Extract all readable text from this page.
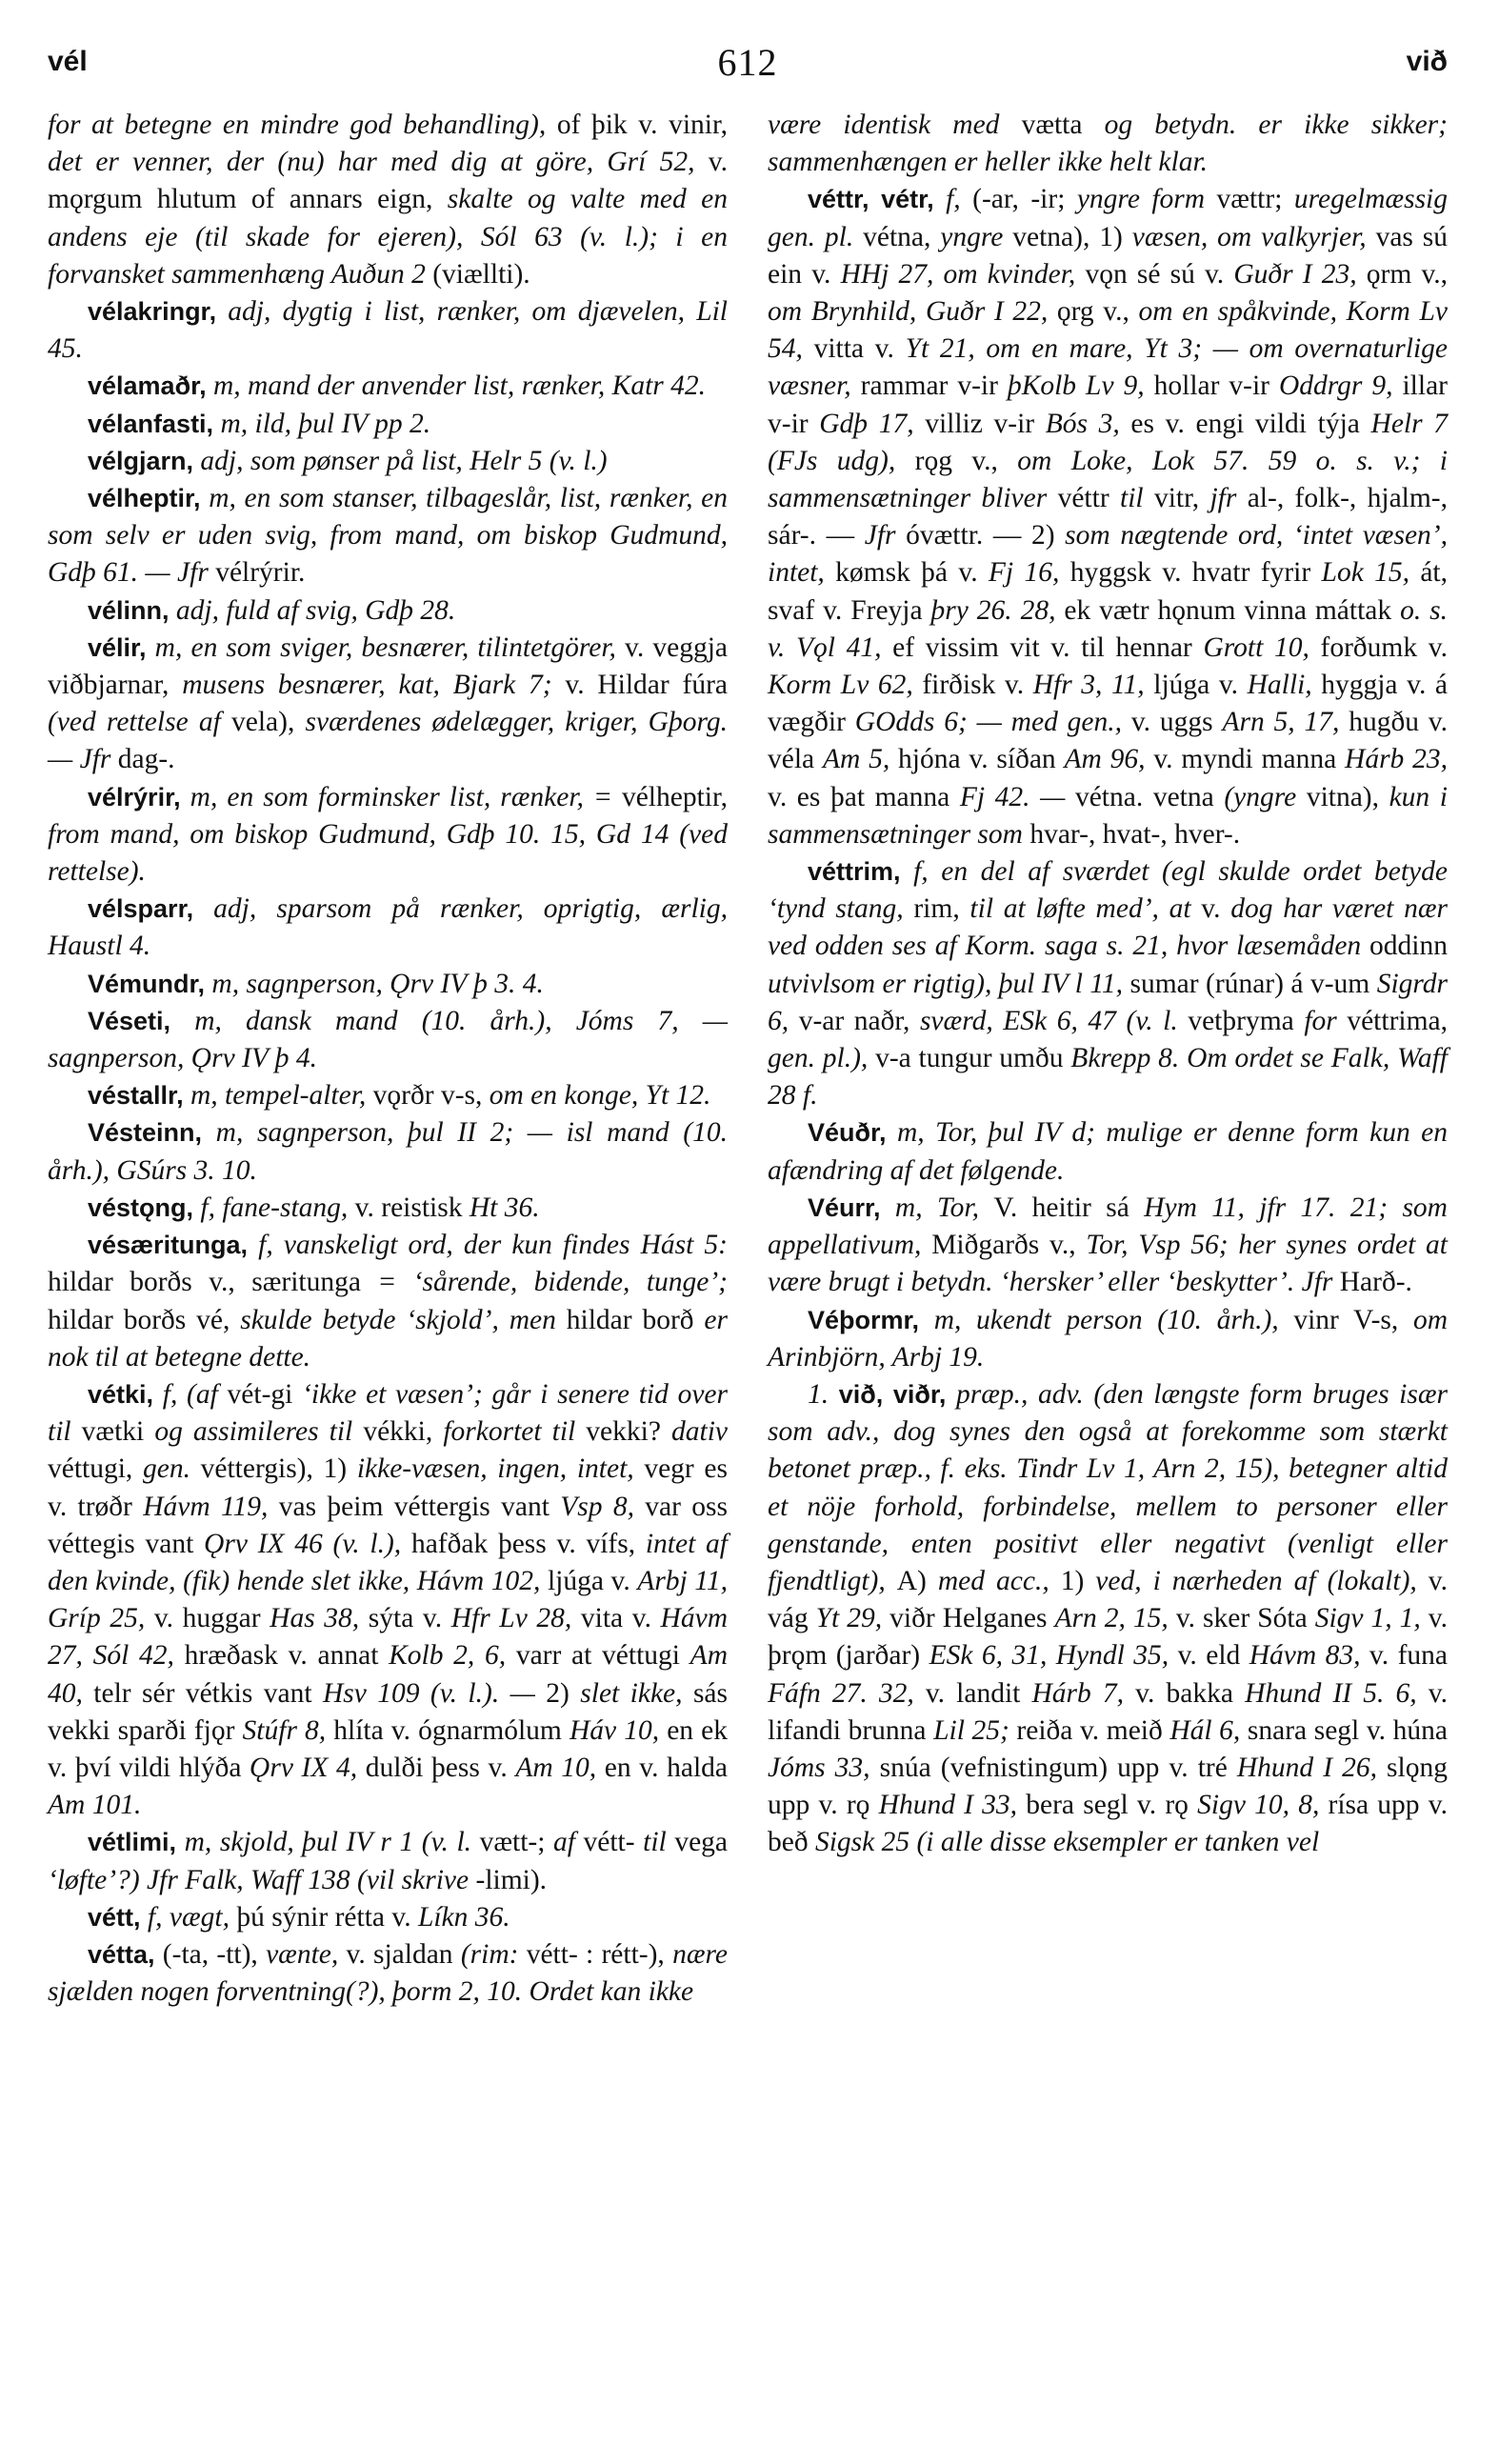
vél	612	við

for at betegne en mindre god behandling), of þik v. vinir, det er venner, der (nu) har med dig at göre, Grí 52, v. mǫrgum hlutum of annars eign, skalte og valte med en andens eje (til skade for ejeren), Sól 63 (v. l.); i en forvansket sammenhæng Auðun 2 (viællti).

vélakringr, adj, dygtig i list, rænker, om djævelen, Lil 45.

vélamaðr, m, mand der anvender list, rænker, Katr 42.

vélanfasti, m, ild, þul IV pp 2.

vélgjarn, adj, som pønser på list, Helr 5 (v. l.)

vélheptir, m, en som stanser, tilbageslår, list, rænker, en som selv er uden svig, from mand, om biskop Gudmund, Gdþ 61. — Jfr vélrýrir.

vélinn, adj, fuld af svig, Gdþ 28.

vélir, m, en som sviger, besnærer, tilintetgörer, v. veggja viðbjarnar, musens besnærer, kat, Bjark 7; v. Hildar fúra (ved rettelse af vela), sværdenes ødelægger, kriger, Gþorg. — Jfr dag-.

vélrýrir, m, en som forminsker list, rænker, = vélheptir, from mand, om biskop Gudmund, Gdþ 10. 15, Gd 14 (ved rettelse).

vélsparr, adj, sparsom på rænker, oprigtig, ærlig, Haustl 4.

Vémundr, m, sagnperson, Ǫrv IV þ 3. 4.

Véseti, m, dansk mand (10. årh.), Jóms 7, — sagnperson, Ǫrv IV þ 4.

véstallr, m, tempel-alter, vǫrðr v-s, om en konge, Yt 12.

Vésteinn, m, sagnperson, þul II 2; — isl mand (10. årh.), GSúrs 3. 10.

véstǫng, f, fane-stang, v. reistisk Ht 36.

vésæritunga, f, vanskeligt ord, der kun findes Hást 5: hildar borðs v., særitunga = ‘sårende, bidende, tunge’; hildar borðs vé, skulde betyde ‘skjold’, men hildar borð er nok til at betegne dette.

vétki, f, (af vét-gi ‘ikke et væsen’; går i senere tid over til vætki og assimileres til vékki, forkortet til vekki? dativ véttugi, gen. véttergis), 1) ikke-væsen, ingen, intet, vegr es v. trøðr Hávm 119, vas þeim véttergis vant Vsp 8, var oss véttegis vant Ǫrv IX 46 (v. l.), hafðak þess v. vífs, intet af den kvinde, (fik) hende slet ikke, Hávm 102, ljúga v. Arbj 11, Gríp 25, v. huggar Has 38, sýta v. Hfr Lv 28, vita v. Hávm 27, Sól 42, hræðask v. annat Kolb 2, 6, varr at véttugi Am 40, telr sér vétkis vant Hsv 109 (v. l.). — 2) slet ikke, sás vekki sparði fjǫr Stúfr 8, hlíta v. ógnarmólum Háv 10, en ek v. því vildi hlýða Ǫrv IX 4, dulði þess v. Am 10, en v. halda Am 101.

vétlimi, m, skjold, þul IV r 1 (v. l. vætt-; af vétt- til vega ‘løfte’?) Jfr Falk, Waff 138 (vil skrive -limi).

vétt, f, vægt, þú sýnir rétta v. Líkn 36.

vétta, (-ta, -tt), vænte, v. sjaldan (rim: vétt- : rétt-), nære sjælden nogen forventning(?), þorm 2, 10. Ordet kan ikke

være identisk med vætta og betydn. er ikke sikker; sammenhængen er heller ikke helt klar.

véttr, vétr, f, (-ar, -ir; yngre form vættr; uregelmæssig gen. pl. vétna, yngre vetna), 1) væsen, om valkyrjer, vas sú ein v. HHj 27, om kvinder, vǫn sé sú v. Guðr I 23, ǫrm v., om Brynhild, Guðr I 22, ǫrg v., om en spåkvinde, Korm Lv 54, vitta v. Yt 21, om en mare, Yt 3; — om overnaturlige væsner, rammar v-ir þKolb Lv 9, hollar v-ir Oddrgr 9, illar v-ir Gdþ 17, villiz v-ir Bós 3, es v. engi vildi týja Helr 7 (FJs udg), rǫg v., om Loke, Lok 57. 59 o. s. v.; i sammensætninger bliver véttr til vitr, jfr al-, folk-, hjalm-, sár-. — Jfr óvættr. — 2) som nægtende ord, ‘intet væsen’, intet, kømsk þá v. Fj 16, hyggsk v. hvatr fyrir Lok 15, át, svaf v. Freyja þry 26. 28, ek vætr hǫnum vinna máttak o. s. v. Vǫl 41, ef vissim vit v. til hennar Grott 10, forðumk v. Korm Lv 62, firðisk v. Hfr 3, 11, ljúga v. Halli, hyggja v. á vægðir GOdds 6; — med gen., v. uggs Arn 5, 17, hugðu v. véla Am 5, hjóna v. síðan Am 96, v. myndi manna Hárb 23, v. es þat manna Fj 42. — vétna. vetna (yngre vitna), kun i sammensætninger som hvar-, hvat-, hver-.

véttrim, f, en del af sværdet (egl skulde ordet betyde ‘tynd stang, rim, til at løfte med’, at v. dog har været nær ved odden ses af Korm. saga s. 21, hvor læsemåden oddinn utvivlsom er rigtig), þul IV l 11, sumar (rúnar) á v-um Sigrdr 6, v-ar naðr, sværd, ESk 6, 47 (v. l. vetþryma for véttrima, gen. pl.), v-a tungur umðu Bkrepp 8. Om ordet se Falk, Waff 28 f.

Véuðr, m, Tor, þul IV d; mulige er denne form kun en afændring af det følgende.

Véurr, m, Tor, V. heitir sá Hym 11, jfr 17. 21; som appellativum, Miðgarðs v., Tor, Vsp 56; her synes ordet at være brugt i betydn. ‘hersker’ eller ‘beskytter’. Jfr Harð-.

Véþormr, m, ukendt person (10. årh.), vinr V-s, om Arinbjörn, Arbj 19.

1. við, viðr, præp., adv. (den længste form bruges især som adv., dog synes den også at forekomme som stærkt betonet præp., f. eks. Tindr Lv 1, Arn 2, 15), betegner altid et nöje forhold, forbindelse, mellem to personer eller genstande, enten positivt eller negativt (venligt eller fjendtligt), A) med acc., 1) ved, i nærheden af (lokalt), v. vág Yt 29, viðr Helganes Arn 2, 15, v. sker Sóta Sigv 1, 1, v. þrǫm (jarðar) ESk 6, 31, Hyndl 35, v. eld Hávm 83, v. funa Fáfn 27. 32, v. landit Hárb 7, v. bakka Hhund II 5. 6, v. lifandi brunna Lil 25; reiða v. meið Hál 6, snara segl v. húna Jóms 33, snúa (vefnistingum) upp v. tré Hhund I 26, slǫng upp v. rǫ Hhund I 33, bera segl v. rǫ Sigv 10, 8, rísa upp v. beð Sigsk 25 (i alle disse eksempler er tanken vel
